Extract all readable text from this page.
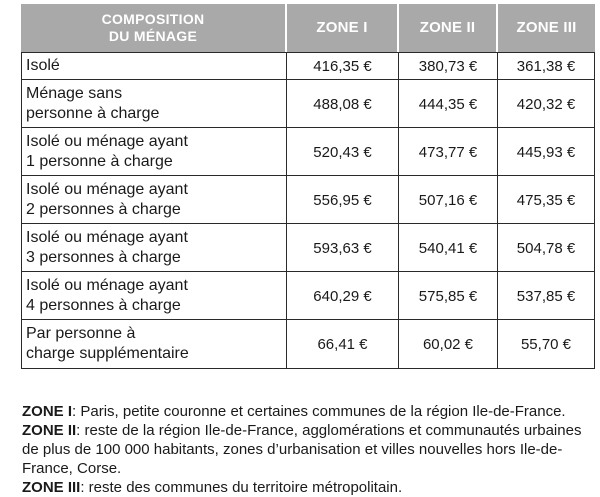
COMPOSITION
DU MÉNAGE	ZONE I	ZONE II	ZONE III
Isolé	416,35 €	380,73 €	361,38 €
Ménage sans
personne à charge	488,08 €	444,35 €	420,32 €
Isolé ou ménage ayant
1 personne à charge	520,43 €	473,77 €	445,93 €
Isolé ou ménage ayant
2 personnes à charge	556,95 €	507,16 €	475,35 €
Isolé ou ménage ayant
3 personnes à charge	593,63 €	540,41 €	504,78 €
Isolé ou ménage ayant
4 personnes à charge	640,29 €	575,85 €	537,85 €
Par personne à
charge supplémentaire	66,41 €	60,02 €	55,70 €

ZONE I: Paris, petite couronne et certaines communes de la région Ile-de-France. ZONE II: reste de la région Ile-de-France, agglomérations et communautés urbaines de plus de 100 000 habitants, zones d’urbanisation et villes nouvelles hors Ile-de-France, Corse.
ZONE III: reste des communes du territoire métropolitain.
